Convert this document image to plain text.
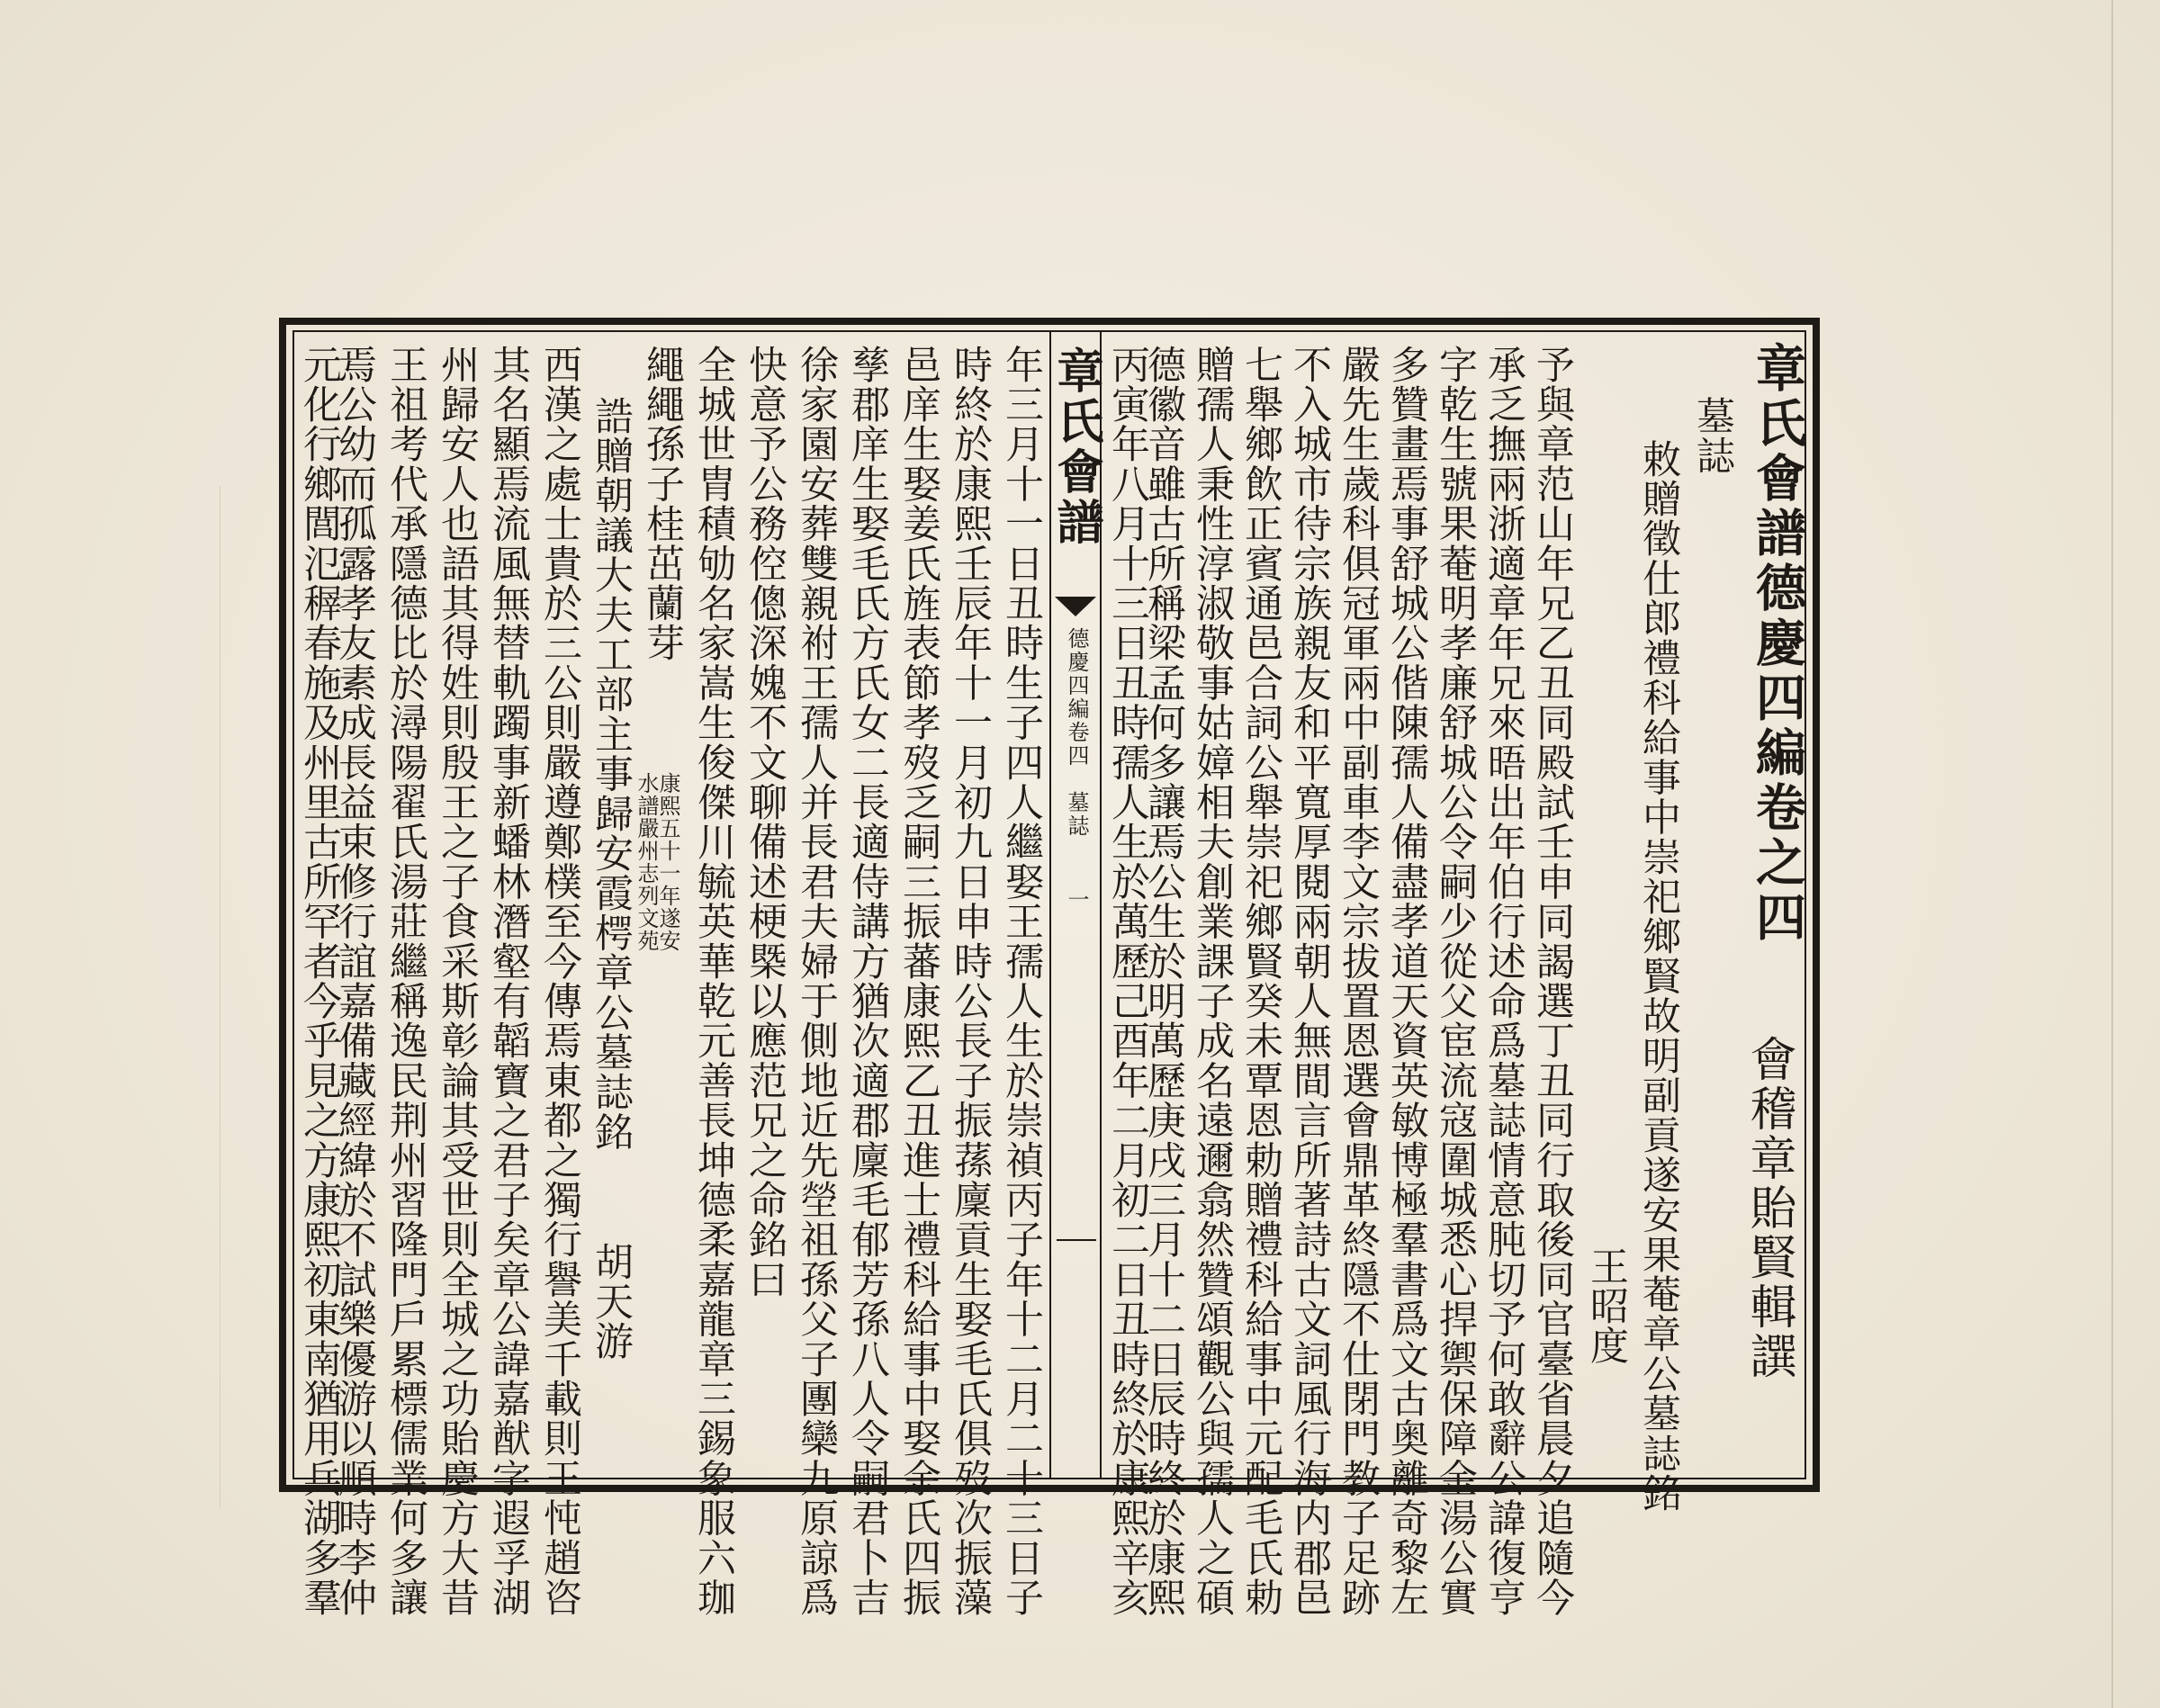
章氏會譜德慶四編卷之四
會稽章貽賢輯譔
墓誌
敕贈徵仕郎禮科給事中崇祀鄉賢故明副貢遂安果菴章公墓誌銘
王昭度
予與章范山年兄乙丑同殿試壬申同謁選丁丑同行取後同官臺省晨夕追隨今
承乏撫兩浙適章年兄來晤出年伯行述命爲墓誌情意肫切予何敢辭公諱復亨
字乾生號果菴明孝廉舒城公令嗣少從父宦流寇圍城悉心捍禦保障金湯公實
多贊畫焉事舒城公偕陳孺人備盡孝道天資英敏博極羣書爲文古奥離奇黎左
嚴先生歲科俱冠軍兩中副車李文宗拔置恩選會鼎革終隱不仕閉門教子足跡
不入城市待宗族親友和平寬厚閱兩朝人無間言所著詩古文詞風行海内郡邑
七舉鄉飲正賓通邑合詞公舉崇祀鄉賢癸未覃恩勅贈禮科給事中元配毛氏勅
贈孺人秉性淳淑敬事姑嫜相夫創業課子成名遠邇翕然贊頌觀公與孺人之碩
德徽音雖古所稱梁孟何多讓焉公生於明萬歷庚戌三月十二日辰時終於康熙
章氏會譜
德慶四編卷四　墓誌
一
年三月十一日丑時生子四人繼娶王孺人生於崇禎丙子年十二月二十三日子
時終於康熙壬辰年十一月初九日申時公長子振蓀廩貢生娶毛氏俱歿次振藻
邑庠生娶姜氏旌表節孝歿乏嗣三振蕃康熙乙丑進士禮科給事中娶余氏四振
孳郡庠生娶毛氏方氏女二長適侍講方猶次適郡廩毛郁芳孫八人令嗣君卜吉
徐家園安葬雙親祔王孺人并長君夫婦于側地近先塋祖孫父子團欒九原諒爲
快意予公務倥傯深媿不文聊備述梗槩以應范兄之命銘曰
全城世胄積劬名家嵩生俊傑川毓英華乾元善長坤德柔嘉龍章三錫象服六珈
繩繩孫子桂茁蘭芽
康熙五十一年遂安
水譜嚴州志列文苑
誥贈朝議大夫工部主事歸安霞㮙章公墓誌銘
胡天游
西漢之處士貴於三公則嚴遵鄭樸至今傳焉東都之獨行譽美千載則王忳趙咨
其名顯焉流風無替軌躅事新蟠林潛壑有韜寶之君子矣章公諱嘉猷字遐孚湖
州歸安人也語其得姓則殷王之子食采斯彰論其受世則全城之功貽慶方大昔
王祖考代承隱德比於潯陽翟氏湯莊繼稱逸民荆州習隆門戶累標儒業何多讓
焉公幼而孤露孝友素成長益束修行誼嘉備藏經緯於不試樂優游以順時李仲
元化行鄉閭氾稺春施及州里古所罕者今乎見之方康熙初東南猶用兵湖多羣	丙寅年八月十三日丑時孺人生於萬歷己酉年二月初二日丑時終於康熙辛亥
